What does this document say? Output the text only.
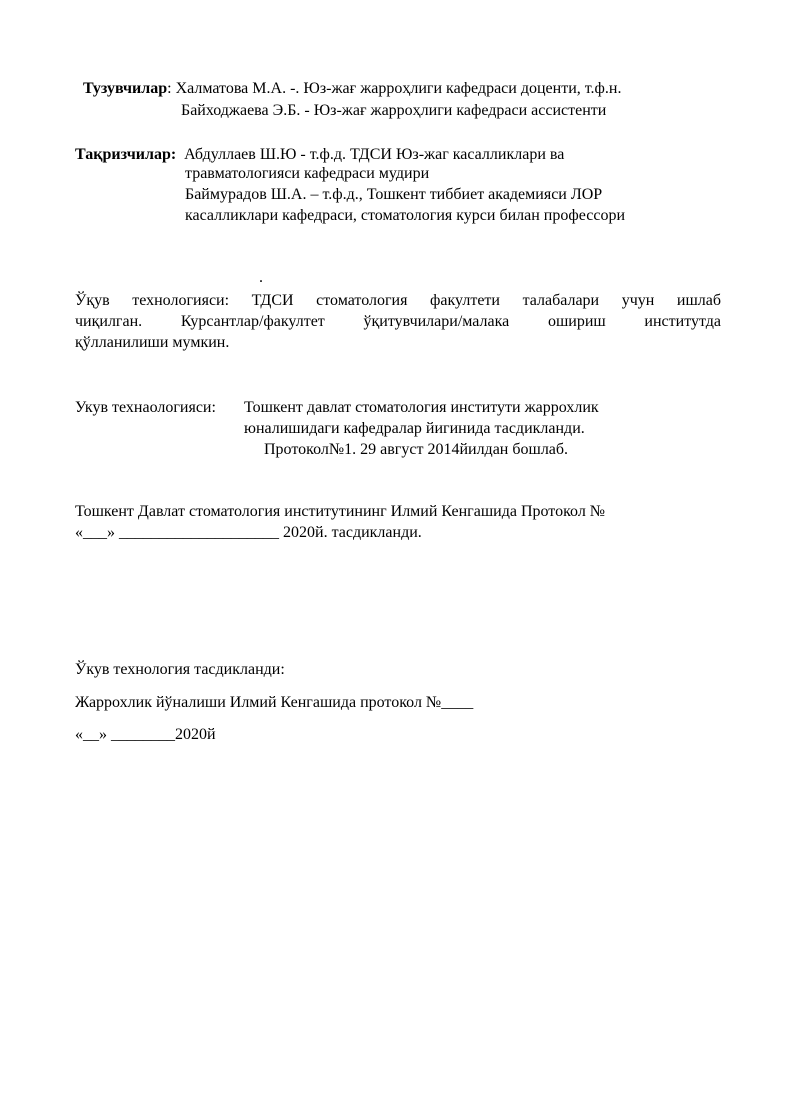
Тузувчилар: Халматова М.А. -. Юз-жағ жарроҳлиги кафедраси доценти, т.ф.н.
Байходжаева Э.Б. - Юз-жағ жарроҳлиги кафедраси ассистенти
Тақризчилар: Абдуллаев Ш.Ю - т.ф.д. ТДСИ Юз-жаг касалликлари ва
травматологияси кафедраси мудири
Баймурадов Ш.А. – т.ф.д., Тошкент тиббиет академияси ЛОР
касалликлари кафедраси, стоматология курси билан профессори
.
Ўқув технологияси: ТДСИ стоматология факултети талабалари учун ишлаб
чиқилган. Курсантлар/факултет ўқитувчилари/малака ошириш институтда
қўлланилиши мумкин.
Укув технаологияси: Тошкент давлат стоматология институти жаррохлик
юналишидаги кафедралар йигинида тасдикланди.
Протокол№1. 29 август 2014йилдан бошлаб.
Тошкент Давлат стоматология институтининг Илмий Кенгашида Протокол №
«___» ____________________ 2020й. тасдикланди.
Ўкув технология тасдикланди:
Жаррохлик йўналиши Илмий Кенгашида протокол №____
«__» ________2020й
